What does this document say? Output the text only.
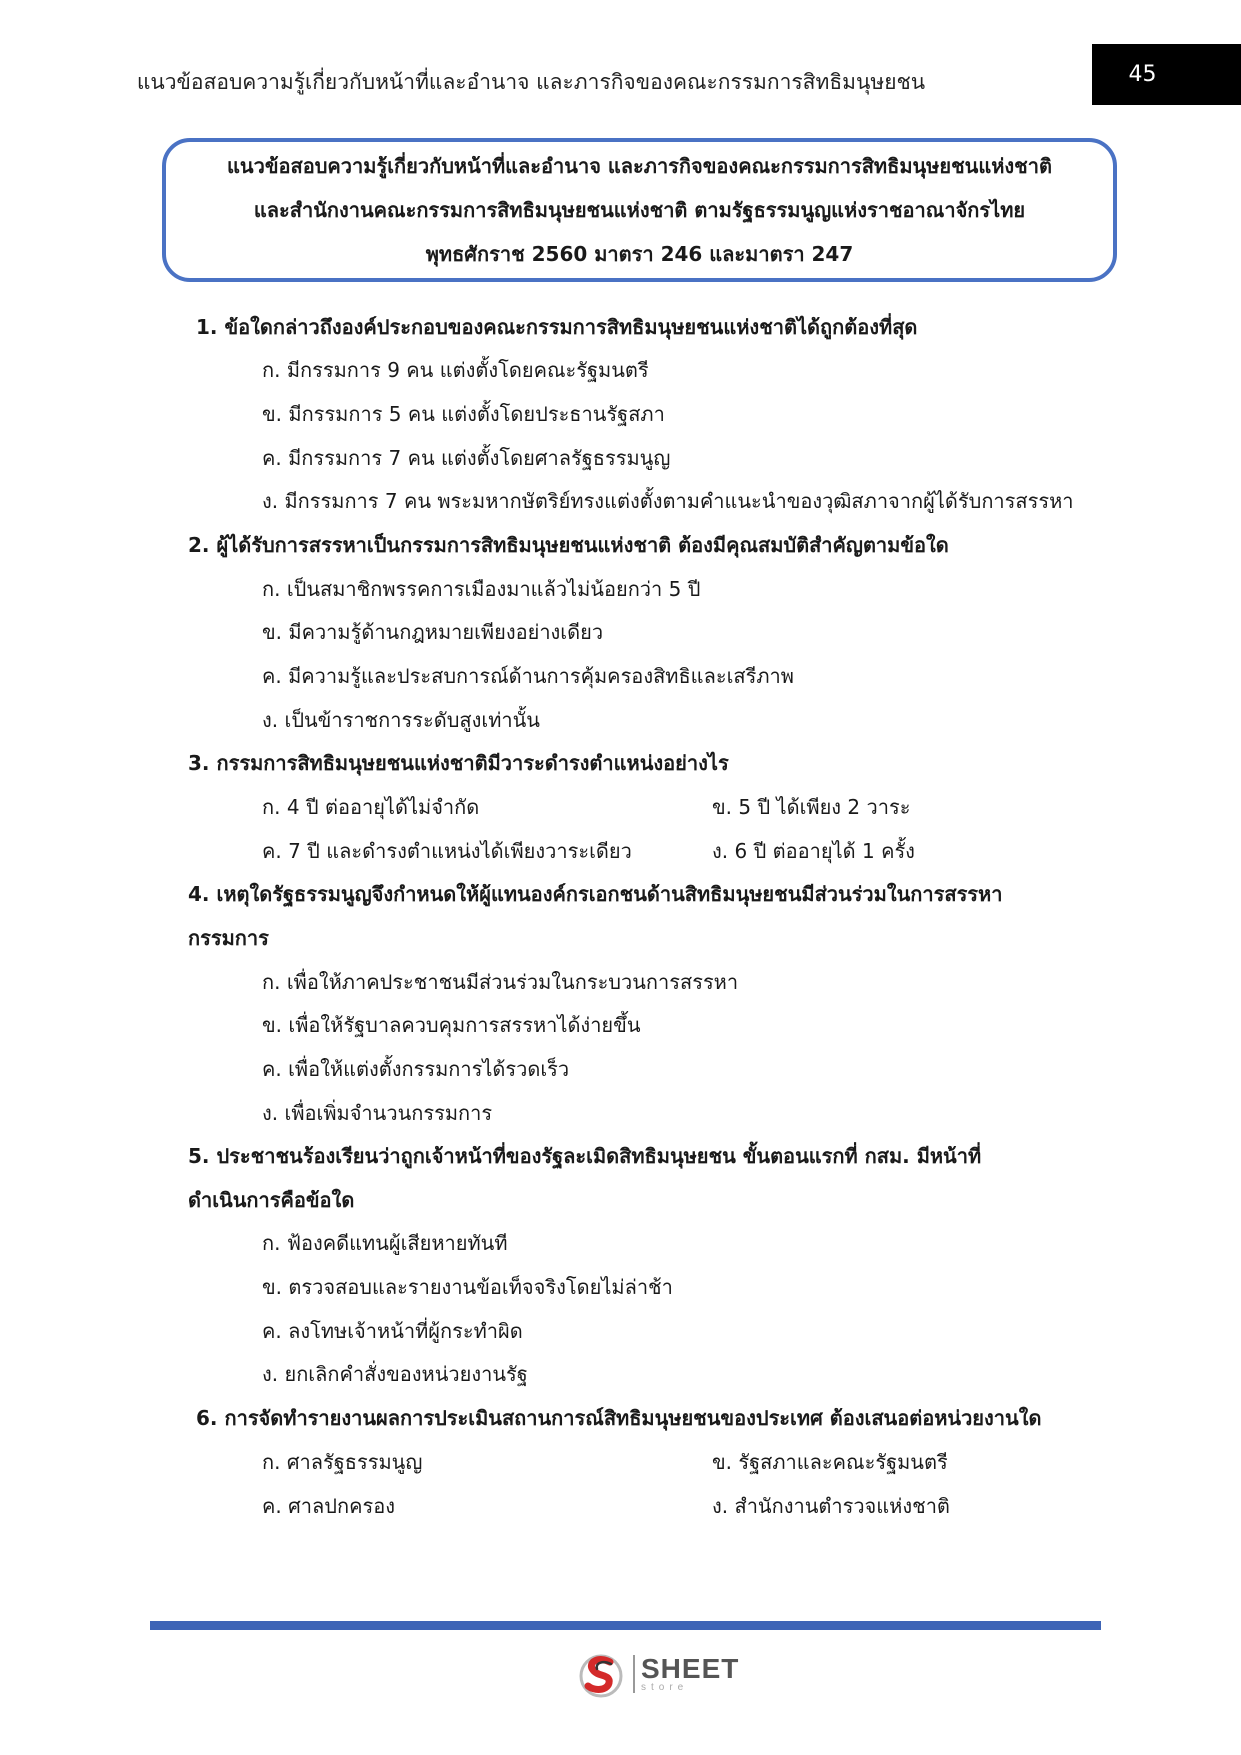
แนวข้อสอบความรู้เกี่ยวกับหน้าที่และอำนาจ และภารกิจของคณะกรรมการสิทธิมนุษยชน	45
แนวข้อสอบความรู้เกี่ยวกับหน้าที่และอำนาจ และภารกิจของคณะกรรมการสิทธิมนุษยชนแห่งชาติ
และสำนักงานคณะกรรมการสิทธิมนุษยชนแห่งชาติ ตามรัฐธรรมนูญแห่งราชอาณาจักรไทย
พุทธศักราช 2560 มาตรา 246 และมาตรา 247
1. ข้อใดกล่าวถึงองค์ประกอบของคณะกรรมการสิทธิมนุษยชนแห่งชาติได้ถูกต้องที่สุด
ก. มีกรรมการ 9 คน แต่งตั้งโดยคณะรัฐมนตรี
ข. มีกรรมการ 5 คน แต่งตั้งโดยประธานรัฐสภา
ค. มีกรรมการ 7 คน แต่งตั้งโดยศาลรัฐธรรมนูญ
ง. มีกรรมการ 7 คน พระมหากษัตริย์ทรงแต่งตั้งตามคำแนะนำของวุฒิสภาจากผู้ได้รับการสรรหา
2. ผู้ได้รับการสรรหาเป็นกรรมการสิทธิมนุษยชนแห่งชาติ ต้องมีคุณสมบัติสำคัญตามข้อใด
ก. เป็นสมาชิกพรรคการเมืองมาแล้วไม่น้อยกว่า 5 ปี
ข. มีความรู้ด้านกฎหมายเพียงอย่างเดียว
ค. มีความรู้และประสบการณ์ด้านการคุ้มครองสิทธิและเสรีภาพ
ง. เป็นข้าราชการระดับสูงเท่านั้น
3. กรรมการสิทธิมนุษยชนแห่งชาติมีวาระดำรงตำแหน่งอย่างไร
ก. 4 ปี ต่ออายุได้ไม่จำกัด	ข. 5 ปี ได้เพียง 2 วาระ
ค. 7 ปี และดำรงตำแหน่งได้เพียงวาระเดียว	ง. 6 ปี ต่ออายุได้ 1 ครั้ง
4. เหตุใดรัฐธรรมนูญจึงกำหนดให้ผู้แทนองค์กรเอกชนด้านสิทธิมนุษยชนมีส่วนร่วมในการสรรหา
กรรมการ
ก. เพื่อให้ภาคประชาชนมีส่วนร่วมในกระบวนการสรรหา
ข. เพื่อให้รัฐบาลควบคุมการสรรหาได้ง่ายขึ้น
ค. เพื่อให้แต่งตั้งกรรมการได้รวดเร็ว
ง. เพื่อเพิ่มจำนวนกรรมการ
5. ประชาชนร้องเรียนว่าถูกเจ้าหน้าที่ของรัฐละเมิดสิทธิมนุษยชน ขั้นตอนแรกที่ กสม. มีหน้าที่
ดำเนินการคือข้อใด
ก. ฟ้องคดีแทนผู้เสียหายทันที
ข. ตรวจสอบและรายงานข้อเท็จจริงโดยไม่ล่าช้า
ค. ลงโทษเจ้าหน้าที่ผู้กระทำผิด
ง. ยกเลิกคำสั่งของหน่วยงานรัฐ
6. การจัดทำรายงานผลการประเมินสถานการณ์สิทธิมนุษยชนของประเทศ ต้องเสนอต่อหน่วยงานใด
ก. ศาลรัฐธรรมนูญ	ข. รัฐสภาและคณะรัฐมนตรี
ค. ศาลปกครอง	ง. สำนักงานตำรวจแห่งชาติ
SHEET
store
